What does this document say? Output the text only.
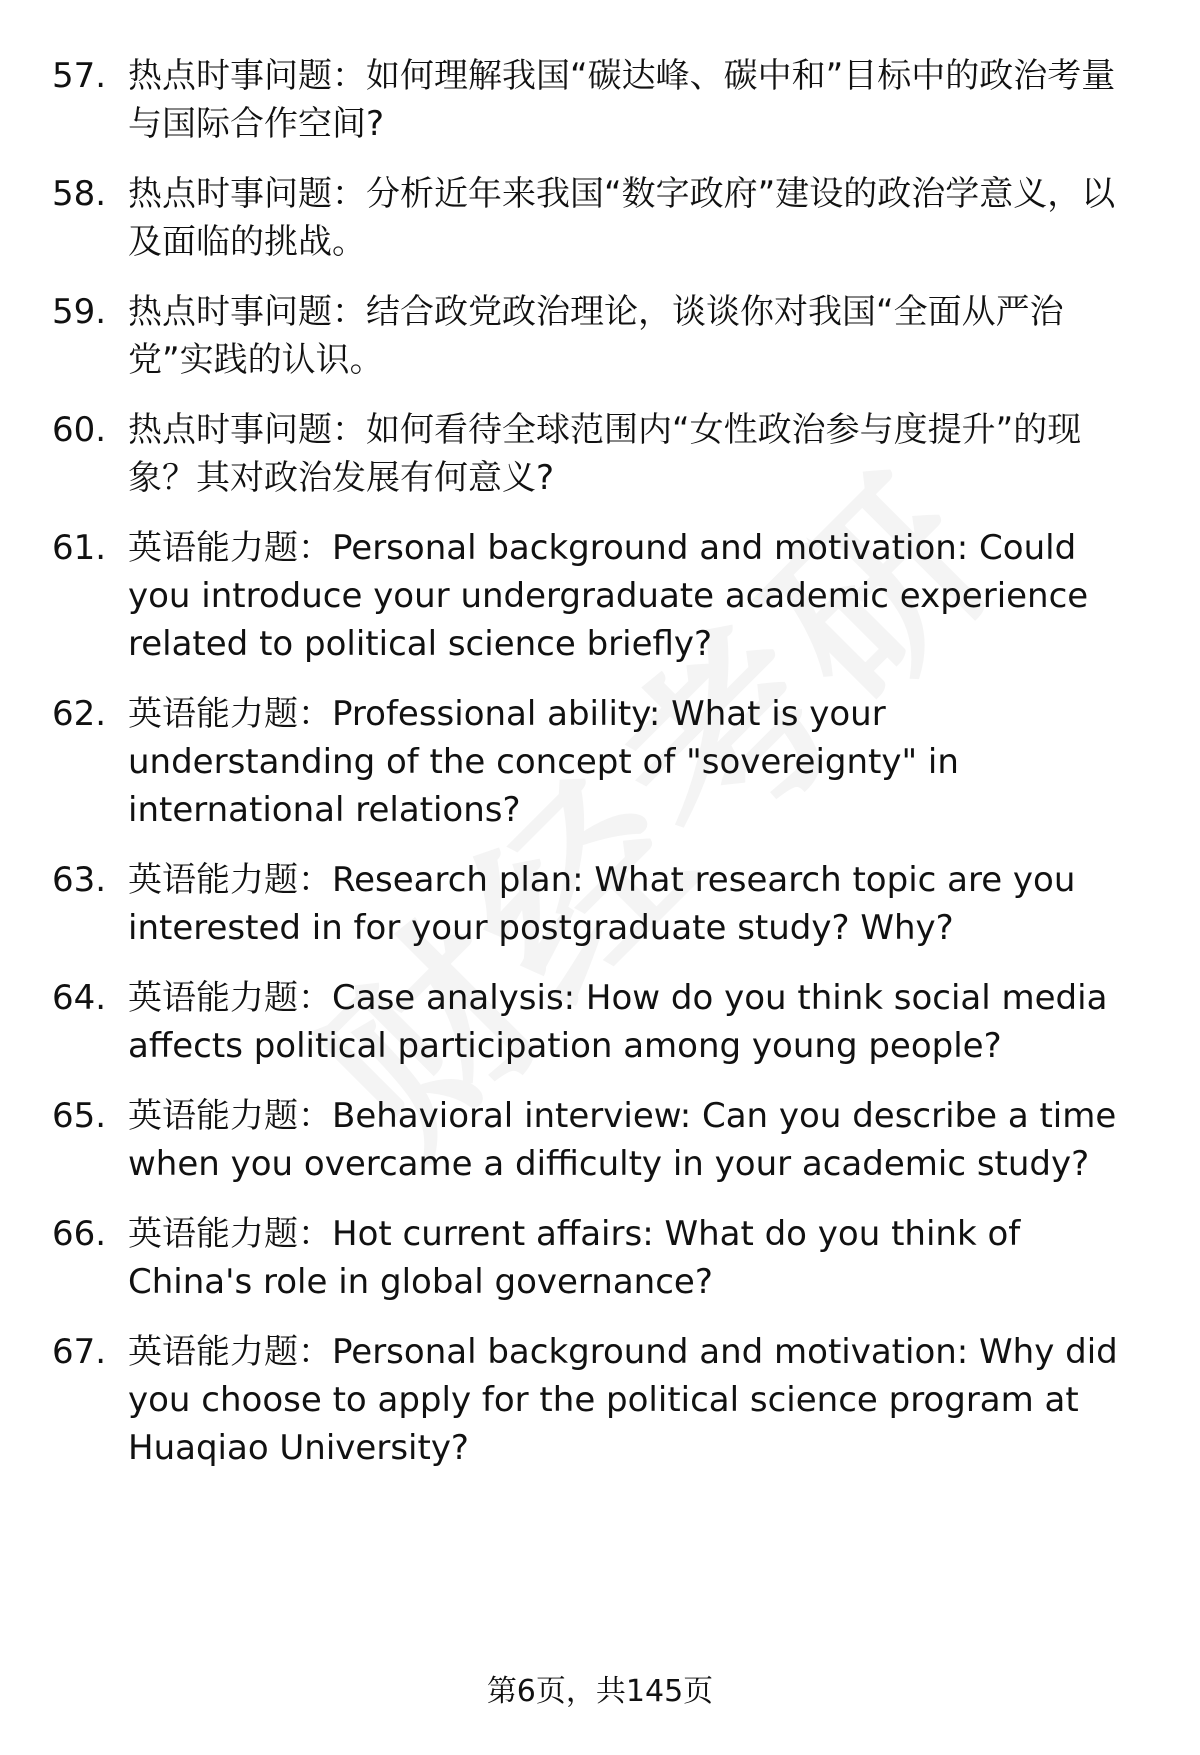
57. 热点时事问题：如何理解我国“碳达峰、碳中和”目标中的政治考量与国际合作空间?
58. 热点时事问题：分析近年来我国“数字政府”建设的政治学意义，以及面临的挑战。
59. 热点时事问题：结合政党政治理论，谈谈你对我国“全面从严治党”实践的认识。
60. 热点时事问题：如何看待全球范围内“女性政治参与度提升”的现象？其对政治发展有何意义?
61. 英语能力题：Personal background and motivation: Could you introduce your undergraduate academic experience related to political science briefly?
62. 英语能力题：Professional ability: What is your understanding of the concept of "sovereignty" in international relations?
63. 英语能力题：Research plan: What research topic are you interested in for your postgraduate study? Why?
64. 英语能力题：Case analysis: How do you think social media affects political participation among young people?
65. 英语能力题：Behavioral interview: Can you describe a time when you overcame a difficulty in your academic study?
66. 英语能力题：Hot current affairs: What do you think of China's role in global governance?
67. 英语能力题：Personal background and motivation: Why did you choose to apply for the political science program at Huaqiao University?
第6页，共145页
